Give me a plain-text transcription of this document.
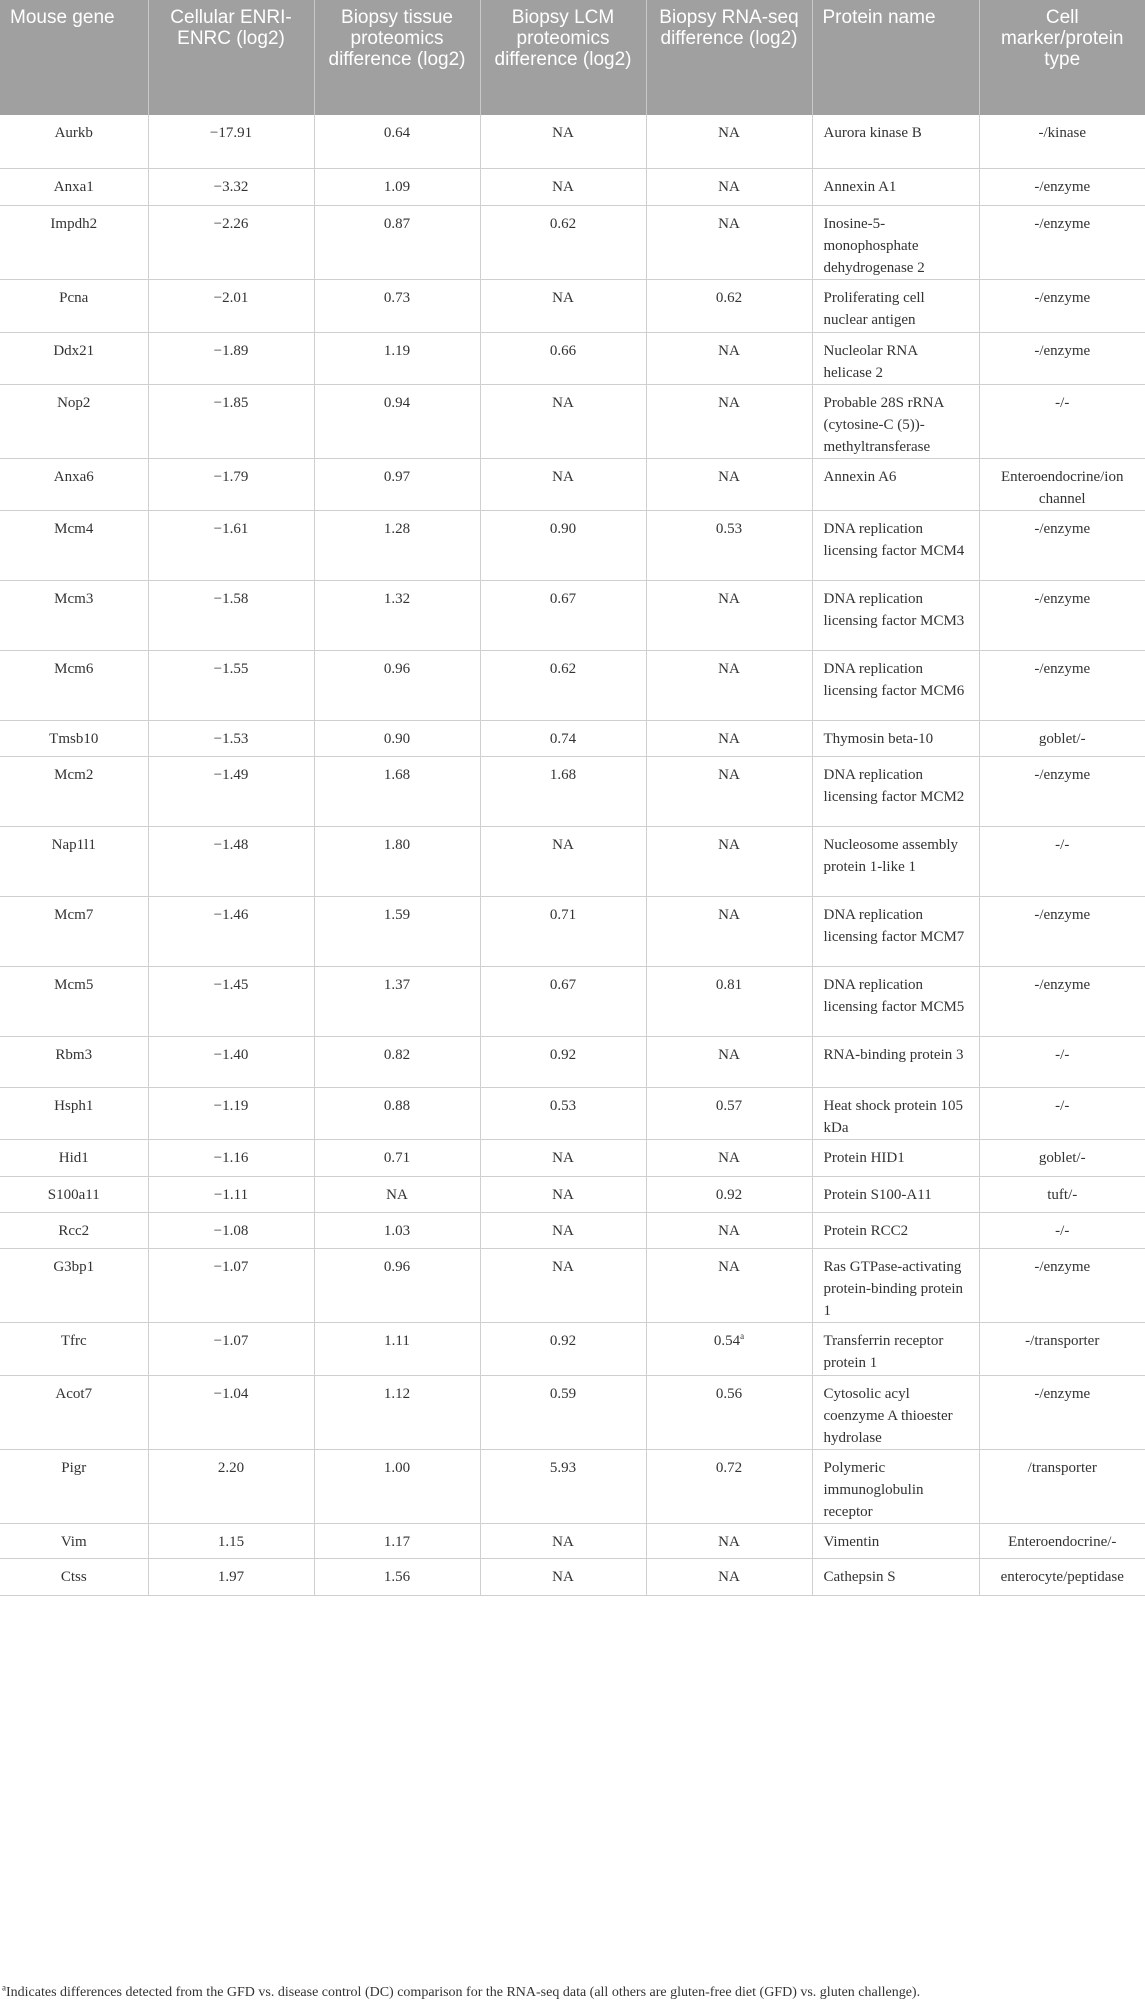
Mouse gene	Cellular ENRI- ENRC (log2)	Biopsy tissue proteomics difference (log2)	Biopsy LCM proteomics difference (log2)	Biopsy RNA-seq difference (log2)	Protein name	Cell marker/protein type
Aurkb	−17.91	0.64	NA	NA	Aurora kinase B	-/kinase
Anxa1	−3.32	1.09	NA	NA	Annexin A1	-/enzyme
Impdh2	−2.26	0.87	0.62	NA	Inosine-5-monophosphate dehydrogenase 2	-/enzyme
Pcna	−2.01	0.73	NA	0.62	Proliferating cell nuclear antigen	-/enzyme
Ddx21	−1.89	1.19	0.66	NA	Nucleolar RNA helicase 2	-/enzyme
Nop2	−1.85	0.94	NA	NA	Probable 28S rRNA (cytosine-C (5))-methyltransferase	-/-
Anxa6	−1.79	0.97	NA	NA	Annexin A6	Enteroendocrine/ion channel
Mcm4	−1.61	1.28	0.90	0.53	DNA replication licensing factor MCM4	-/enzyme
Mcm3	−1.58	1.32	0.67	NA	DNA replication licensing factor MCM3	-/enzyme
Mcm6	−1.55	0.96	0.62	NA	DNA replication licensing factor MCM6	-/enzyme
Tmsb10	−1.53	0.90	0.74	NA	Thymosin beta-10	goblet/-
Mcm2	−1.49	1.68	1.68	NA	DNA replication licensing factor MCM2	-/enzyme
Nap1l1	−1.48	1.80	NA	NA	Nucleosome assembly protein 1-like 1	-/-
Mcm7	−1.46	1.59	0.71	NA	DNA replication licensing factor MCM7	-/enzyme
Mcm5	−1.45	1.37	0.67	0.81	DNA replication licensing factor MCM5	-/enzyme
Rbm3	−1.40	0.82	0.92	NA	RNA-binding protein 3	-/-
Hsph1	−1.19	0.88	0.53	0.57	Heat shock protein 105 kDa	-/-
Hid1	−1.16	0.71	NA	NA	Protein HID1	goblet/-
S100a11	−1.11	NA	NA	0.92	Protein S100-A11	tuft/-
Rcc2	−1.08	1.03	NA	NA	Protein RCC2	-/-
G3bp1	−1.07	0.96	NA	NA	Ras GTPase-activating protein-binding protein 1	-/enzyme
Tfrc	−1.07	1.11	0.92	0.54$^a$	Transferrin receptor protein 1	-/transporter
Acot7	−1.04	1.12	0.59	0.56	Cytosolic acyl coenzyme A thioester hydrolase	-/enzyme
Pigr	2.20	1.00	5.93	0.72	Polymeric immunoglobulin receptor	/transporter
Vim	1.15	1.17	NA	NA	Vimentin	Enteroendocrine/-
Ctss	1.97	1.56	NA	NA	Cathepsin S	enterocyte/peptidase
$^a$Indicates differences detected from the GFD vs. disease control (DC) comparison for the RNA-seq data (all others are gluten-free diet (GFD) vs. gluten challenge).
